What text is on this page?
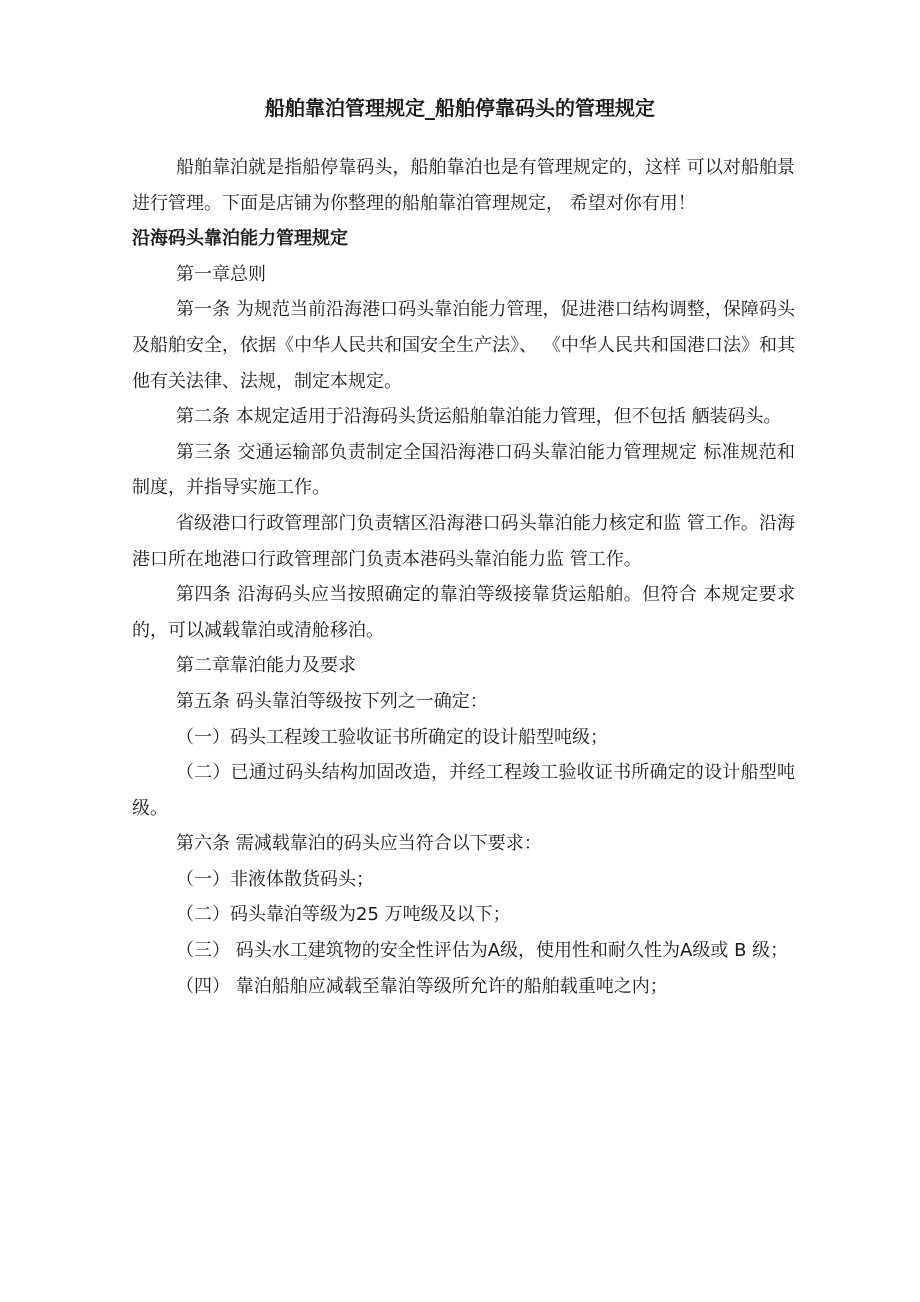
船舶靠泊管理规定_船舶停靠码头的管理规定

船舶靠泊就是指船停靠码头，船舶靠泊也是有管理规定的，这样 可以对船舶景进行管理。下面是店铺为你整理的船舶靠泊管理规定， 希望对你有用！

沿海码头靠泊能力管理规定

第一章总则

第一条 为规范当前沿海港口码头靠泊能力管理，促进港口结构调整，保障码头及船舶安全，依据《中华人民共和国安全生产法》、 《中华人民共和国港口法》和其他有关法律、法规，制定本规定。

第二条 本规定适用于沿海码头货运船舶靠泊能力管理，但不包括 舾装码头。

第三条 交通运输部负责制定全国沿海港口码头靠泊能力管理规定 标准规范和制度，并指导实施工作。

省级港口行政管理部门负责辖区沿海港口码头靠泊能力核定和监 管工作。沿海港口所在地港口行政管理部门负责本港码头靠泊能力监 管工作。

第四条 沿海码头应当按照确定的靠泊等级接靠货运船舶。但符合 本规定要求的，可以减载靠泊或清舱移泊。

第二章靠泊能力及要求

第五条 码头靠泊等级按下列之一确定：

（一）码头工程竣工验收证书所确定的设计船型吨级；

（二）已通过码头结构加固改造，并经工程竣工验收证书所确定的设计船型吨级。

第六条 需减载靠泊的码头应当符合以下要求：

（一）非液体散货码头；

（二）码头靠泊等级为25 万吨级及以下；

（三） 码头水工建筑物的安全性评估为A级，使用性和耐久性为A级或 B 级；

（四） 靠泊船舶应减载至靠泊等级所允许的船舶载重吨之内；
